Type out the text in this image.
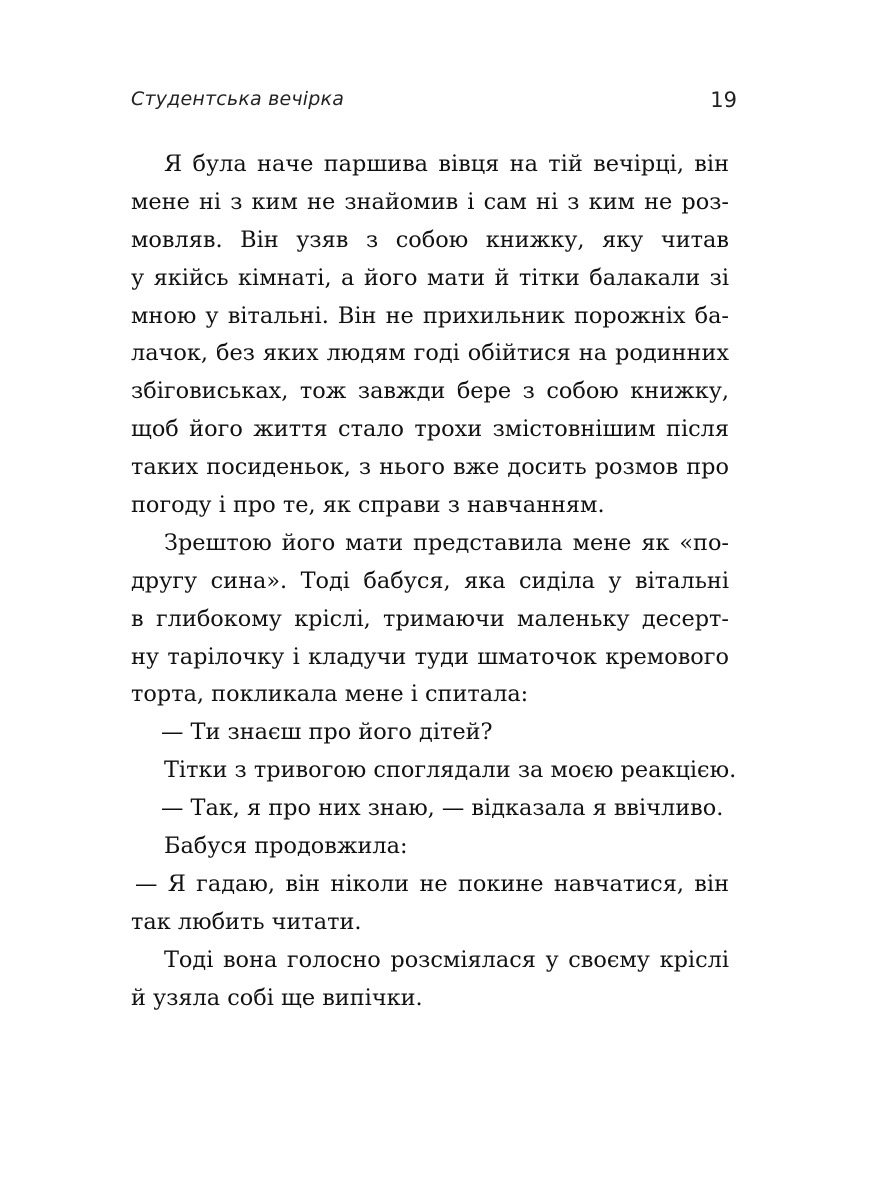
Студентська вечірка	19
Я була наче паршива вівця на тій вечірці, він
мене ні з ким не знайомив і сам ні з ким не роз-
мовляв. Він узяв з собою книжку, яку читав
у якійсь кімнаті, а його мати й тітки балакали зі
мною у вітальні. Він не прихильник порожніх ба-
лачок, без яких людям годі обійтися на родинних
збіговиськах, тож завжди бере з собою книжку,
щоб його життя стало трохи змістовнішим після
таких посиденьок, з нього вже досить розмов про
погоду і про те, як справи з навчанням.
Зрештою його мати представила мене як «по-
другу сина». Тоді бабуся, яка сиділа у вітальні
в глибокому кріслі, тримаючи маленьку десерт-
ну тарілочку і кладучи туди шматочок кремового
торта, покликала мене і спитала:
— Ти знаєш про його дітей?
Тітки з тривогою споглядали за моєю реакцією.
— Так, я про них знаю, — відказала я ввічливо.
Бабуся продовжила:
— Я гадаю, він ніколи не покине навчатися, він
так любить читати.
Тоді вона голосно розсміялася у своєму кріслі
й узяла собі ще випічки.
